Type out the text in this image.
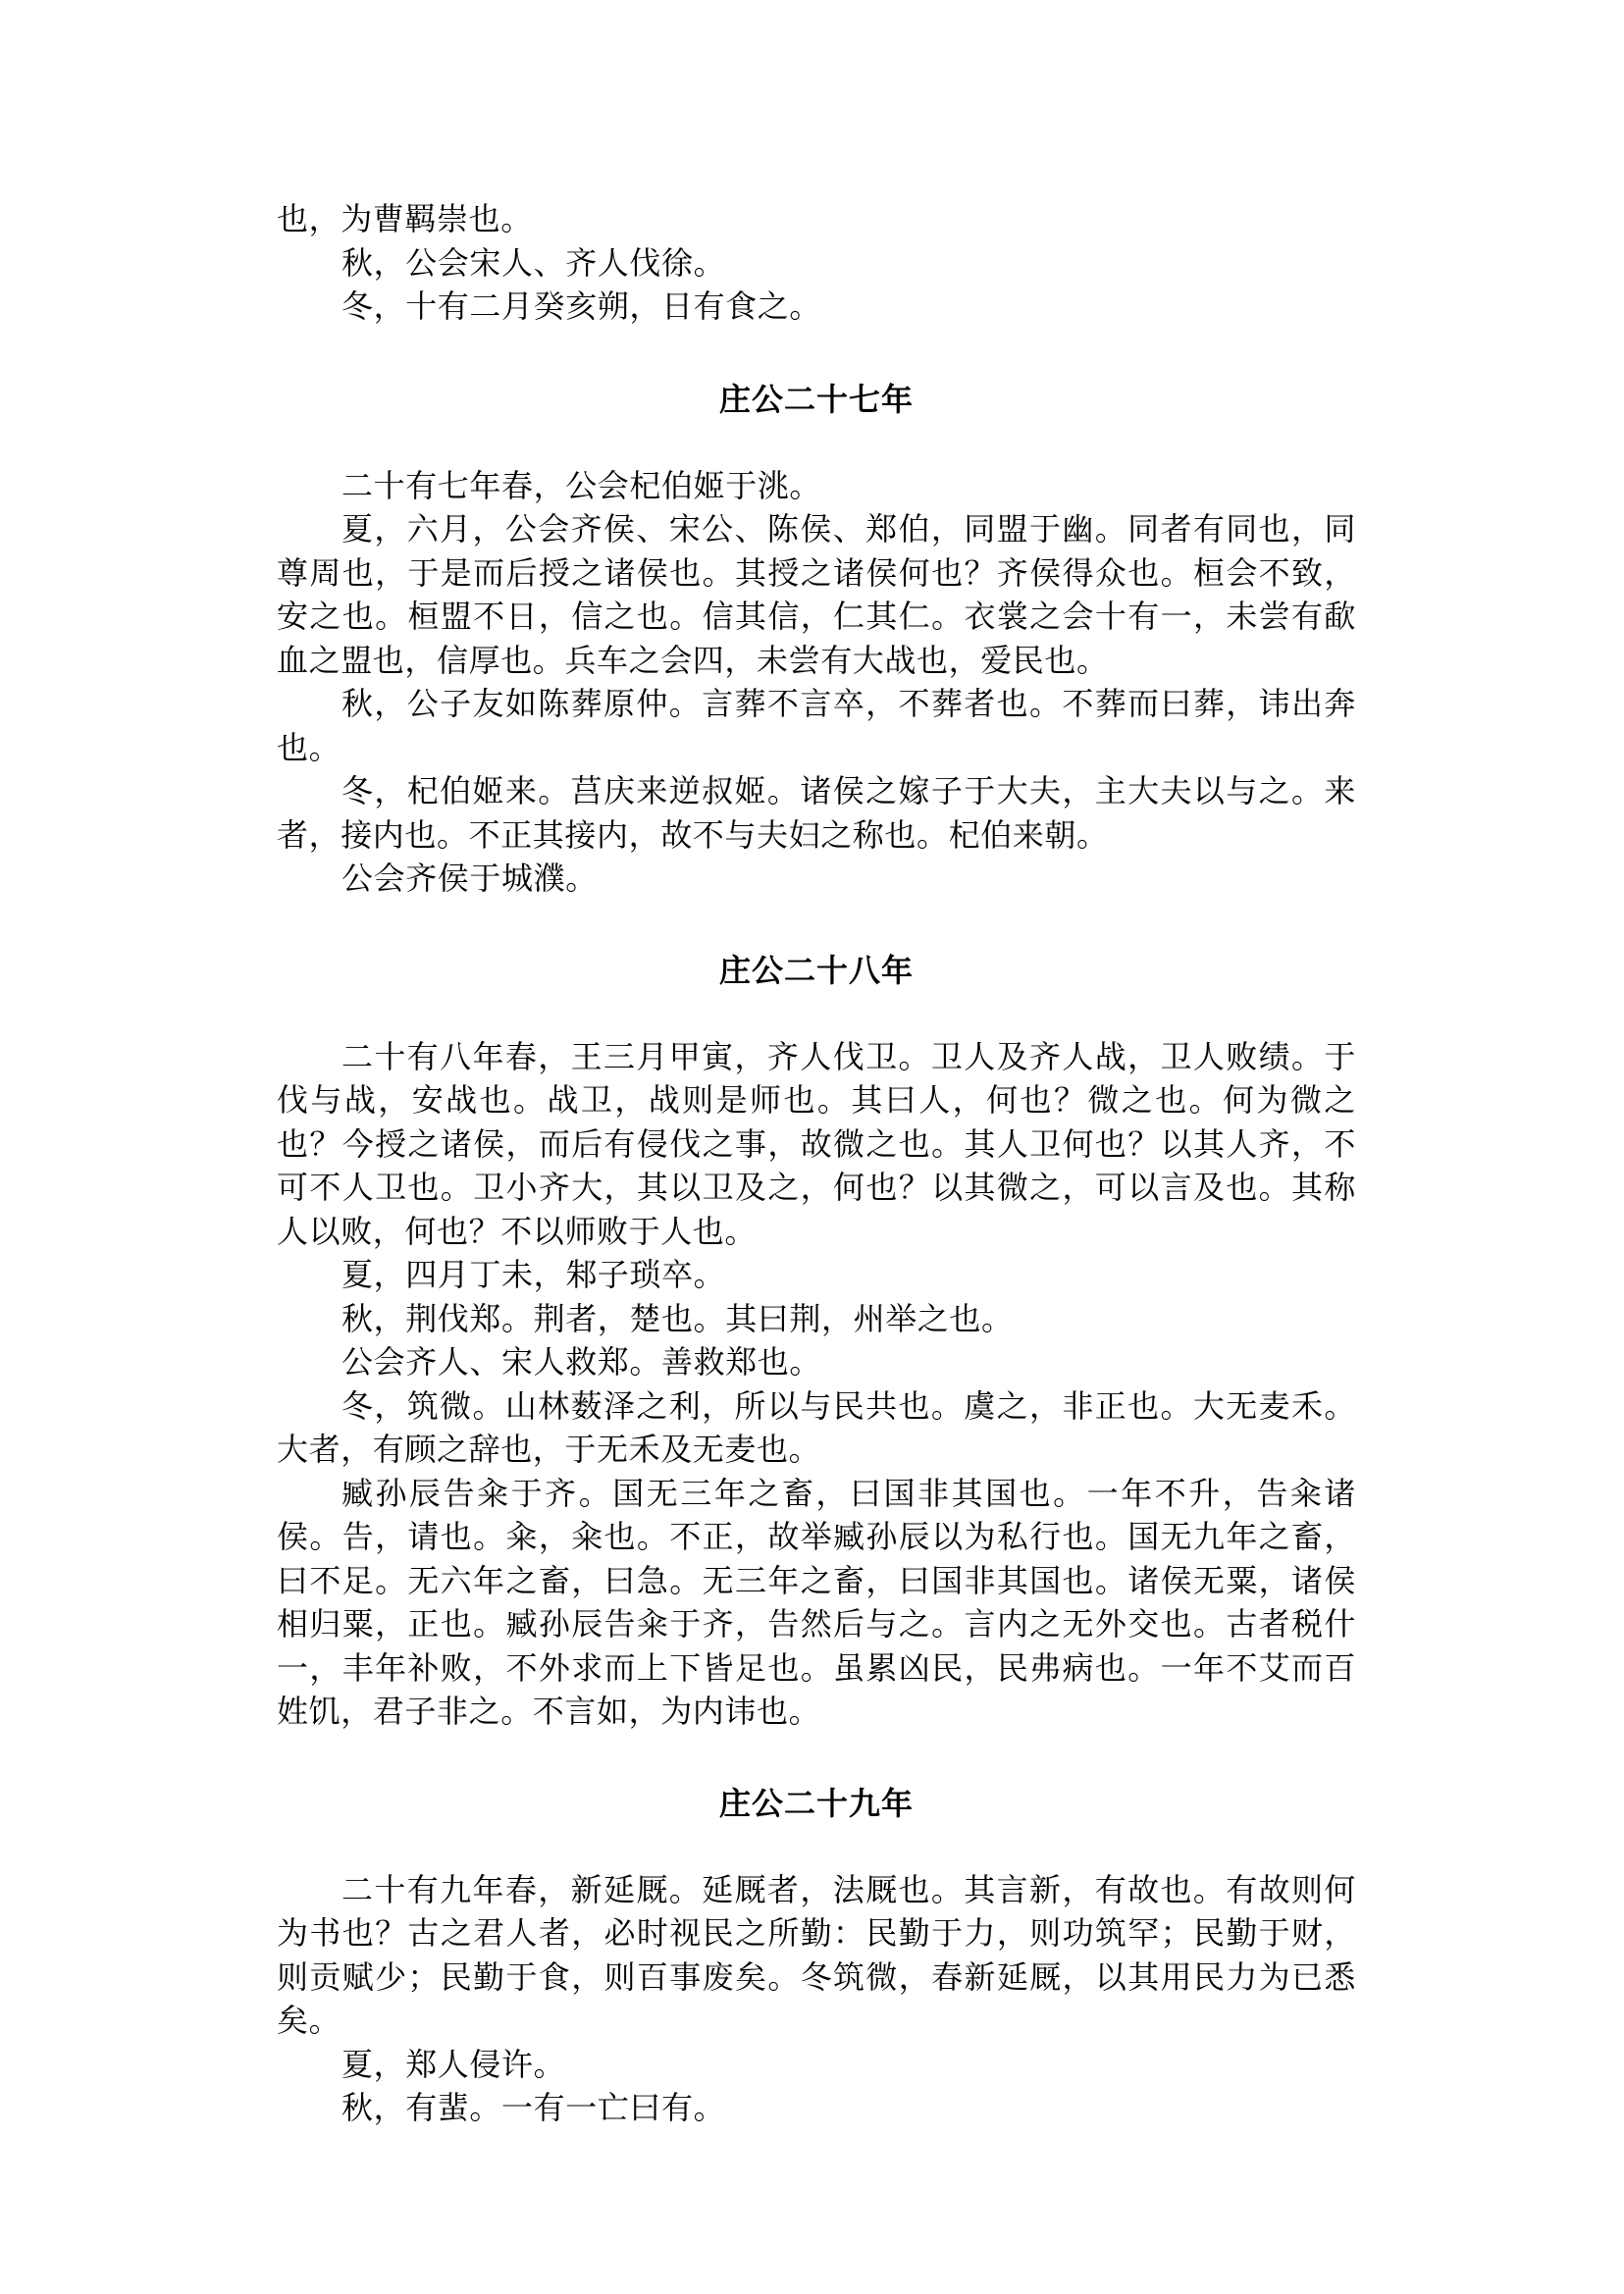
也，为曹羁崇也。

秋，公会宋人、齐人伐徐。

冬，十有二月癸亥朔，日有食之。

庄公二十七年

二十有七年春，公会杞伯姬于洮。

夏，六月，公会齐侯、宋公、陈侯、郑伯，同盟于幽。同者有同也，同尊周也，于是而后授之诸侯也。其授之诸侯何也？齐侯得众也。桓会不致，安之也。桓盟不日，信之也。信其信，仁其仁。衣裳之会十有一，未尝有歃血之盟也，信厚也。兵车之会四，未尝有大战也，爱民也。

秋，公子友如陈葬原仲。言葬不言卒，不葬者也。不葬而曰葬，讳出奔也。

冬，杞伯姬来。莒庆来逆叔姬。诸侯之嫁子于大夫，主大夫以与之。来者，接内也。不正其接内，故不与夫妇之称也。杞伯来朝。

公会齐侯于城濮。

庄公二十八年

二十有八年春，王三月甲寅，齐人伐卫。卫人及齐人战，卫人败绩。于伐与战，安战也。战卫，战则是师也。其曰人，何也？微之也。何为微之也？今授之诸侯，而后有侵伐之事，故微之也。其人卫何也？以其人齐，不可不人卫也。卫小齐大，其以卫及之，何也？以其微之，可以言及也。其称人以败，何也？不以师败于人也。

夏，四月丁未，邾子琐卒。

秋，荆伐郑。荆者，楚也。其曰荆，州举之也。

公会齐人、宋人救郑。善救郑也。

冬，筑微。山林薮泽之利，所以与民共也。虞之，非正也。大无麦禾。大者，有顾之辞也，于无禾及无麦也。

臧孙辰告籴于齐。国无三年之畜，曰国非其国也。一年不升，告籴诸侯。告，请也。籴，籴也。不正，故举臧孙辰以为私行也。国无九年之畜，曰不足。无六年之畜，曰急。无三年之畜，曰国非其国也。诸侯无粟，诸侯相归粟，正也。臧孙辰告籴于齐，告然后与之。言内之无外交也。古者税什一，丰年补败，不外求而上下皆足也。虽累凶民，民弗病也。一年不艾而百姓饥，君子非之。不言如，为内讳也。

庄公二十九年

二十有九年春，新延厩。延厩者，法厩也。其言新，有故也。有故则何为书也？古之君人者，必时视民之所勤：民勤于力，则功筑罕；民勤于财，则贡赋少；民勤于食，则百事废矣。冬筑微，春新延厩，以其用民力为已悉矣。

夏，郑人侵许。

秋，有蜚。一有一亡曰有。
